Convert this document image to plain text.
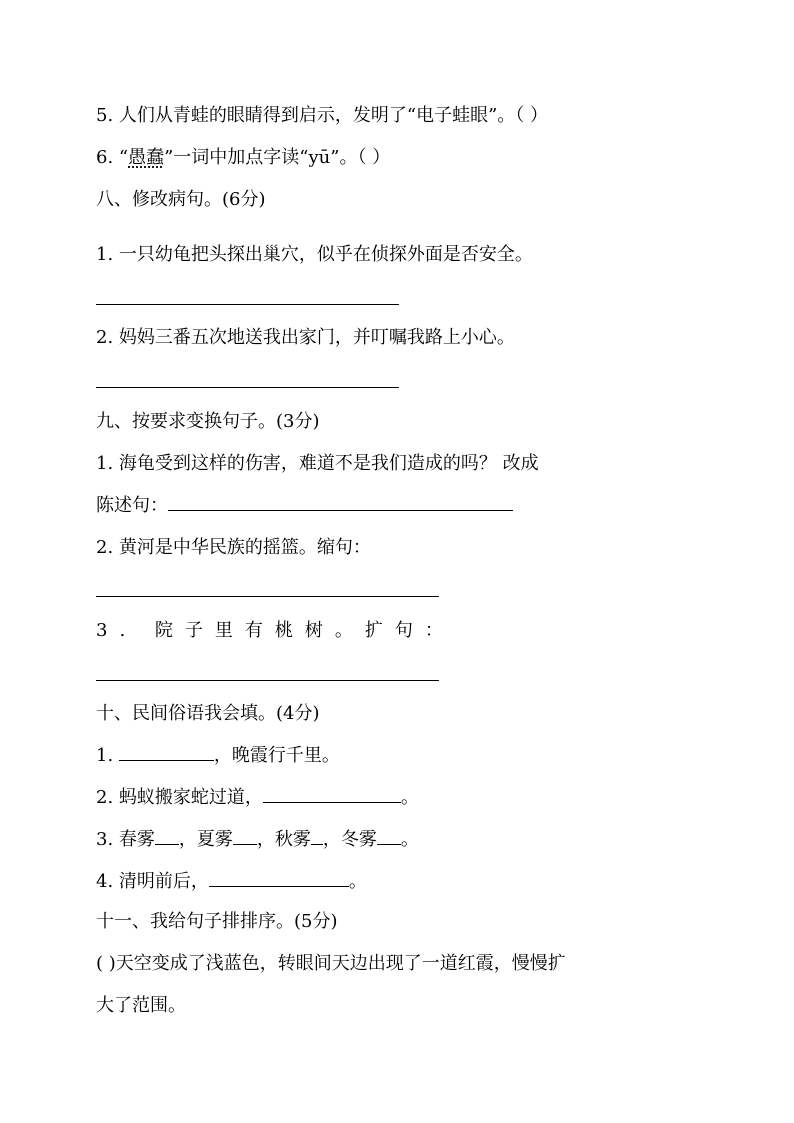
5. 人们从青蛙的眼睛得到启示，发明了“电子蛙眼”。（ ）
6. “愚蠢”一词中加点字读“yū”。（ ）
八、修改病句。(6分)
1. 一只幼龟把头探出巢穴，似乎在侦探外面是否安全。
2. 妈妈三番五次地送我出家门，并叮嘱我路上小心。
九、按要求变换句子。(3分)
1. 海龟受到这样的伤害，难道不是我们造成的吗？ 改成
陈述句：
2. 黄河是中华民族的摇篮。缩句：
3. 院子里有桃树。扩句：
十、民间俗语我会填。(4分)
1.	，晚霞行千里。
2. 蚂蚁搬家蛇过道，	。
3. 春雾 ，夏雾 ，秋雾 ，冬雾 。
4. 清明前后，	。
十一、我给句子排排序。(5分)
( )天空变成了浅蓝色，转眼间天边出现了一道红霞，慢慢扩
大了范围。
